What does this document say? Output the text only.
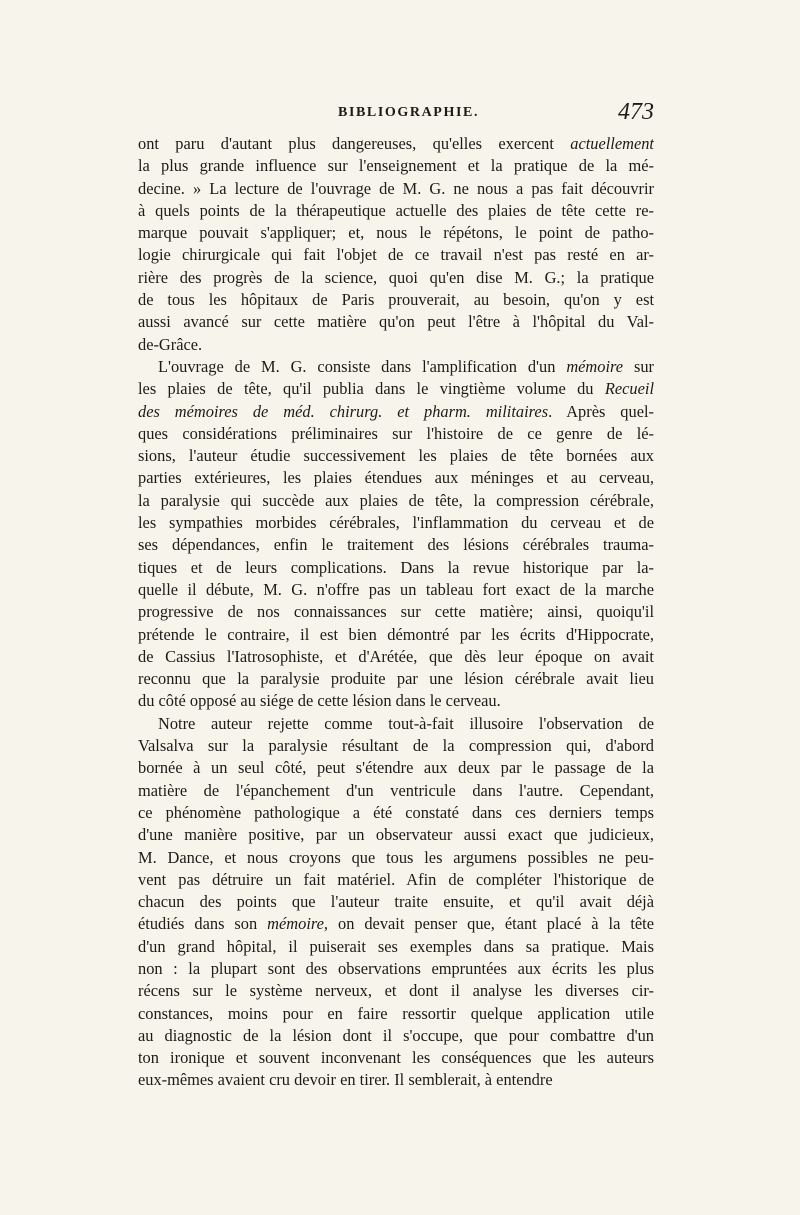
BIBLIOGRAPHIE.	473
ont paru d'autant plus dangereuses, qu'elles exercent actuellement
la plus grande influence sur l'enseignement et la pratique de la mé-
decine. » La lecture de l'ouvrage de M. G. ne nous a pas fait découvrir
à quels points de la thérapeutique actuelle des plaies de tête cette re-
marque pouvait s'appliquer; et, nous le répétons, le point de patho-
logie chirurgicale qui fait l'objet de ce travail n'est pas resté en ar-
rière des progrès de la science, quoi qu'en dise M. G.; la pratique
de tous les hôpitaux de Paris prouverait, au besoin, qu'on y est
aussi avancé sur cette matière qu'on peut l'être à l'hôpital du Val-
de-Grâce.
L'ouvrage de M. G. consiste dans l'amplification d'un mémoire sur
les plaies de tête, qu'il publia dans le vingtième volume du Recueil
des mémoires de méd. chirurg. et pharm. militaires. Après quel-
ques considérations préliminaires sur l'histoire de ce genre de lé-
sions, l'auteur étudie successivement les plaies de tête bornées aux
parties extérieures, les plaies étendues aux méninges et au cerveau,
la paralysie qui succède aux plaies de tête, la compression cérébrale,
les sympathies morbides cérébrales, l'inflammation du cerveau et de
ses dépendances, enfin le traitement des lésions cérébrales trauma-
tiques et de leurs complications. Dans la revue historique par la-
quelle il débute, M. G. n'offre pas un tableau fort exact de la marche
progressive de nos connaissances sur cette matière; ainsi, quoiqu'il
prétende le contraire, il est bien démontré par les écrits d'Hippocrate,
de Cassius l'Iatrosophiste, et d'Arétée, que dès leur époque on avait
reconnu que la paralysie produite par une lésion cérébrale avait lieu
du côté opposé au siége de cette lésion dans le cerveau.
Notre auteur rejette comme tout-à-fait illusoire l'observation de
Valsalva sur la paralysie résultant de la compression qui, d'abord
bornée à un seul côté, peut s'étendre aux deux par le passage de la
matière de l'épanchement d'un ventricule dans l'autre. Cependant,
ce phénomène pathologique a été constaté dans ces derniers temps
d'une manière positive, par un observateur aussi exact que judicieux,
M. Dance, et nous croyons que tous les argumens possibles ne peu-
vent pas détruire un fait matériel. Afin de compléter l'historique de
chacun des points que l'auteur traite ensuite, et qu'il avait déjà
étudiés dans son mémoire, on devait penser que, étant placé à la tête
d'un grand hôpital, il puiserait ses exemples dans sa pratique. Mais
non : la plupart sont des observations empruntées aux écrits les plus
récens sur le système nerveux, et dont il analyse les diverses cir-
constances, moins pour en faire ressortir quelque application utile
au diagnostic de la lésion dont il s'occupe, que pour combattre d'un
ton ironique et souvent inconvenant les conséquences que les auteurs
eux-mêmes avaient cru devoir en tirer. Il semblerait, à entendre
